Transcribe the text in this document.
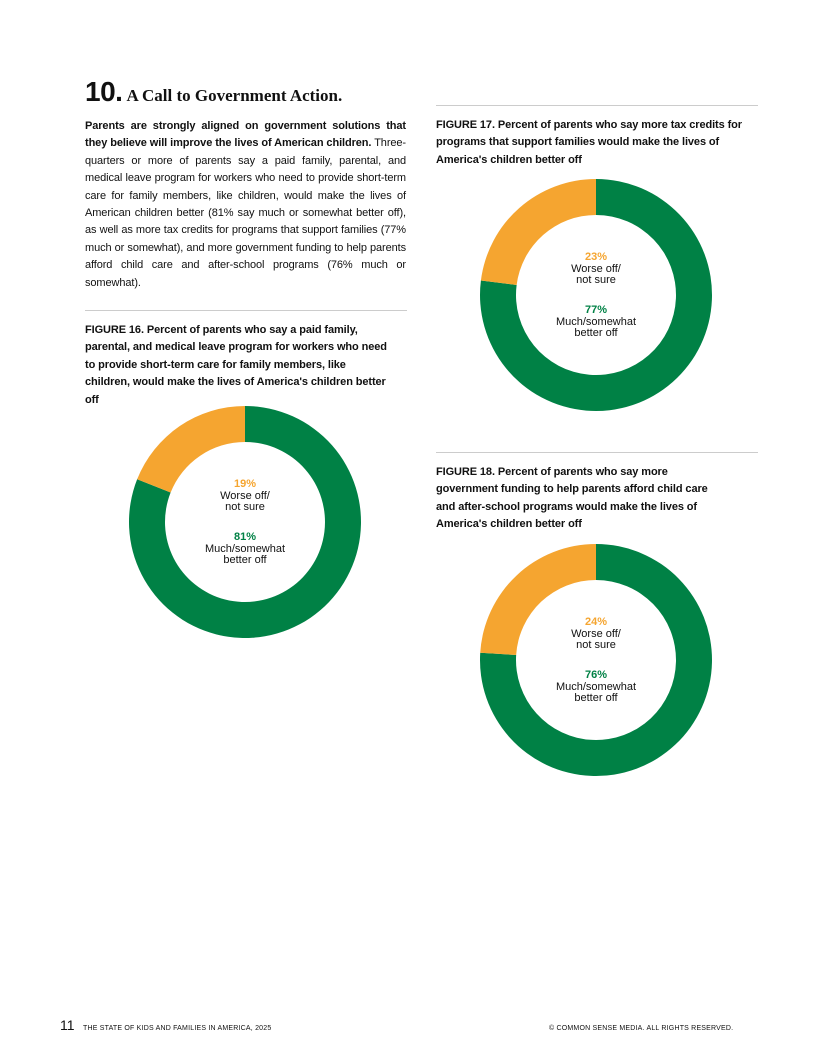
10. A Call to Government Action.

Parents are strongly aligned on government solutions that they believe will improve the lives of American children. Three-quarters or more of parents say a paid family, parental, and medical leave program for workers who need to provide short-term care for family members, like children, would make the lives of American children better (81% say much or somewhat better off), as well as more tax credits for programs that support families (77% much or somewhat), and more government funding to help parents afford child care and after-school programs (76% much or somewhat).

FIGURE 16. Percent of parents who say a paid family, parental, and medical leave program for workers who need to provide short-term care for family members, like children, would make the lives of America's children better off

19%
Worse off/
not sure
81%
Much/somewhat
better off

FIGURE 17. Percent of parents who say more tax credits for programs that support families would make the lives of America's children better off

23%
Worse off/
not sure
77%
Much/somewhat
better off

FIGURE 18. Percent of parents who say more government funding to help parents afford child care and after-school programs would make the lives of America's children better off

24%
Worse off/
not sure
76%
Much/somewhat
better off
11 THE STATE OF KIDS AND FAMILIES IN AMERICA, 2025	© COMMON SENSE MEDIA. ALL RIGHTS RESERVED.
